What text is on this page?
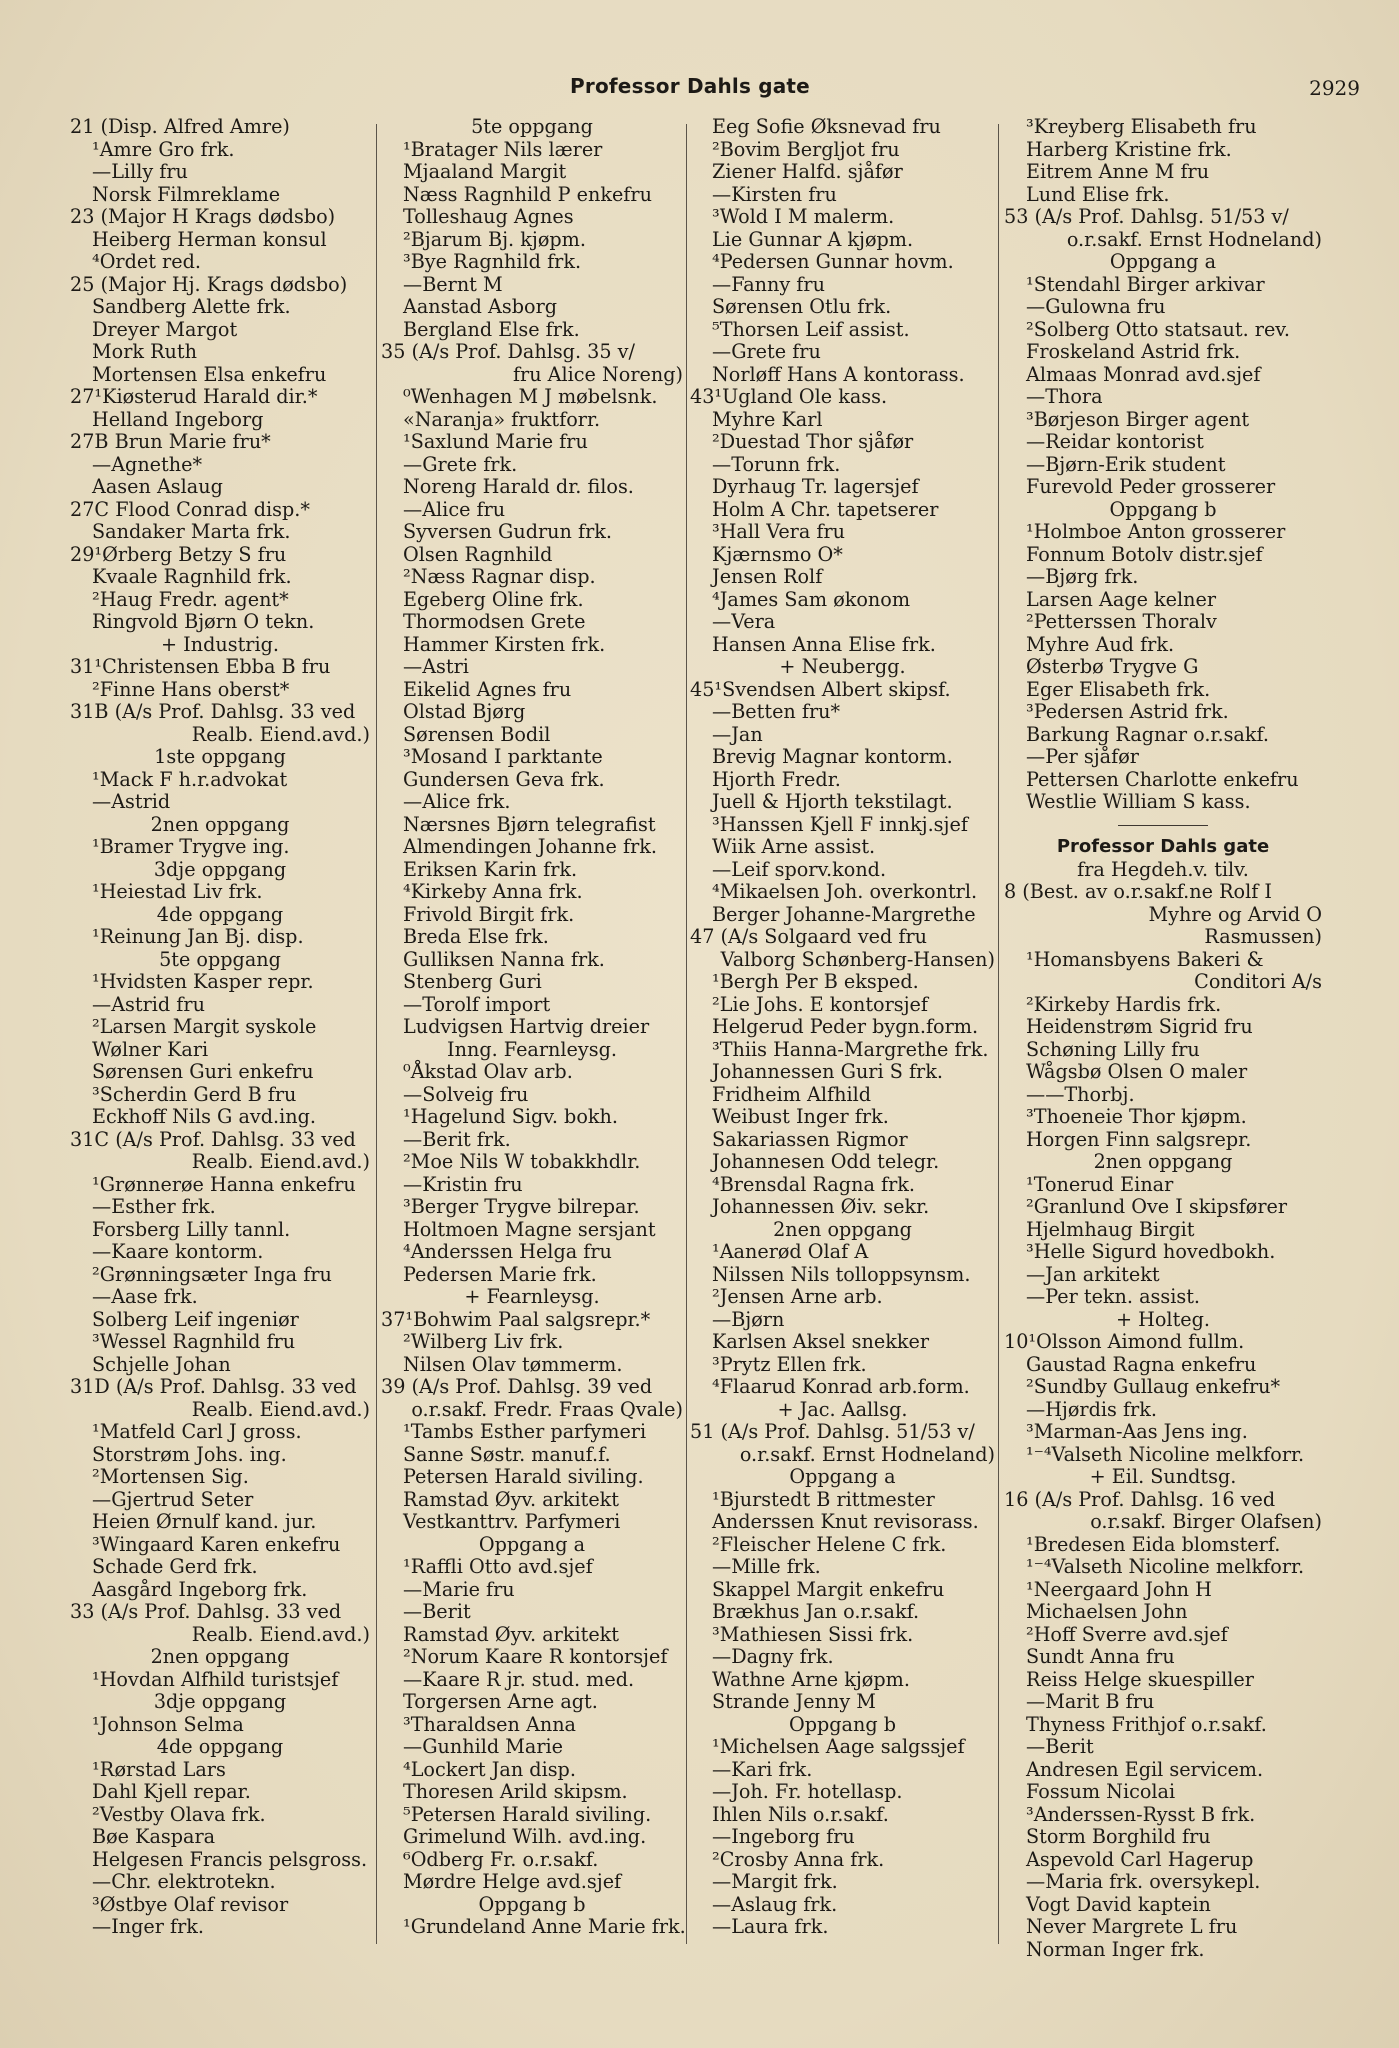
Professor Dahls gate	2929
21 (Disp. Alfred Amre)
¹Amre Gro frk.
—Lilly fru
Norsk Filmreklame
23 (Major H Krags dødsbo)
Heiberg Herman konsul
⁴Ordet red.
25 (Major Hj. Krags dødsbo)
Sandberg Alette frk.
Dreyer Margot
Mork Ruth
Mortensen Elsa enkefru
27¹Kiøsterud Harald dir.*
Helland Ingeborg
27B Brun Marie fru*
—Agnethe*
Aasen Aslaug
27C Flood Conrad disp.*
Sandaker Marta frk.
29¹Ørberg Betzy S fru
Kvaale Ragnhild frk.
²Haug Fredr. agent*
Ringvold Bjørn O tekn.
+ Industrig.
31¹Christensen Ebba B fru
²Finne Hans oberst*
31B (A/s Prof. Dahlsg. 33 ved
Realb. Eiend.avd.)
1ste oppgang
¹Mack F h.r.advokat
—Astrid
2nen oppgang
¹Bramer Trygve ing.
3dje oppgang
¹Heiestad Liv frk.
4de oppgang
¹Reinung Jan Bj. disp.
5te oppgang
¹Hvidsten Kasper repr.
—Astrid fru
²Larsen Margit syskole
Wølner Kari
Sørensen Guri enkefru
³Scherdin Gerd B fru
Eckhoff Nils G avd.ing.
31C (A/s Prof. Dahlsg. 33 ved
Realb. Eiend.avd.)
¹Grønnerøe Hanna enkefru
—Esther frk.
Forsberg Lilly tannl.
—Kaare kontorm.
²Grønningsæter Inga fru
—Aase frk.
Solberg Leif ingeniør
³Wessel Ragnhild fru
Schjelle Johan
31D (A/s Prof. Dahlsg. 33 ved
Realb. Eiend.avd.)
¹Matfeld Carl J gross.
Storstrøm Johs. ing.
²Mortensen Sig.
—Gjertrud Seter
Heien Ørnulf kand. jur.
³Wingaard Karen enkefru
Schade Gerd frk.
Aasgård Ingeborg frk.
33 (A/s Prof. Dahlsg. 33 ved
Realb. Eiend.avd.)
2nen oppgang
¹Hovdan Alfhild turistsjef
3dje oppgang
¹Johnson Selma
4de oppgang
¹Rørstad Lars
Dahl Kjell repar.
²Vestby Olava frk.
Bøe Kaspara
Helgesen Francis pelsgross.
—Chr. elektrotekn.
³Østbye Olaf revisor
—Inger frk.
5te oppgang
¹Bratager Nils lærer
Mjaaland Margit
Næss Ragnhild P enkefru
Tolleshaug Agnes
²Bjarum Bj. kjøpm.
³Bye Ragnhild frk.
—Bernt M
Aanstad Asborg
Bergland Else frk.
35 (A/s Prof. Dahlsg. 35 v/
fru Alice Noreng)
⁰Wenhagen M J møbelsnk.
«Naranja» fruktforr.
¹Saxlund Marie fru
—Grete frk.
Noreng Harald dr. filos.
—Alice fru
Syversen Gudrun frk.
Olsen Ragnhild
²Næss Ragnar disp.
Egeberg Oline frk.
Thormodsen Grete
Hammer Kirsten frk.
—Astri
Eikelid Agnes fru
Olstad Bjørg
Sørensen Bodil
³Mosand I parktante
Gundersen Geva frk.
—Alice frk.
Nærsnes Bjørn telegrafist
Almendingen Johanne frk.
Eriksen Karin frk.
⁴Kirkeby Anna frk.
Frivold Birgit frk.
Breda Else frk.
Gulliksen Nanna frk.
Stenberg Guri
—Torolf import
Ludvigsen Hartvig dreier
Inng. Fearnleysg.
⁰Åkstad Olav arb.
—Solveig fru
¹Hagelund Sigv. bokh.
—Berit frk.
²Moe Nils W tobakkhdlr.
—Kristin fru
³Berger Trygve bilrepar.
Holtmoen Magne sersjant
⁴Anderssen Helga fru
Pedersen Marie frk.
+ Fearnleysg.
37¹Bohwim Paal salgsrepr.*
²Wilberg Liv frk.
Nilsen Olav tømmerm.
39 (A/s Prof. Dahlsg. 39 ved
o.r.sakf. Fredr. Fraas Qvale)
¹Tambs Esther parfymeri
Sanne Søstr. manuf.f.
Petersen Harald siviling.
Ramstad Øyv. arkitekt
Vestkanttrv. Parfymeri
Oppgang a
¹Raffli Otto avd.sjef
—Marie fru
—Berit
Ramstad Øyv. arkitekt
²Norum Kaare R kontorsjef
—Kaare R jr. stud. med.
Torgersen Arne agt.
³Tharaldsen Anna
—Gunhild Marie
⁴Lockert Jan disp.
Thoresen Arild skipsm.
⁵Petersen Harald siviling.
Grimelund Wilh. avd.ing.
⁶Odberg Fr. o.r.sakf.
Mørdre Helge avd.sjef
Oppgang b
¹Grundeland Anne Marie frk.
Eeg Sofie Øksnevad fru
²Bovim Bergljot fru
Ziener Halfd. sjåfør
—Kirsten fru
³Wold I M malerm.
Lie Gunnar A kjøpm.
⁴Pedersen Gunnar hovm.
—Fanny fru
Sørensen Otlu frk.
⁵Thorsen Leif assist.
—Grete fru
Norløff Hans A kontorass.
43¹Ugland Ole kass.
Myhre Karl
²Duestad Thor sjåfør
—Torunn frk.
Dyrhaug Tr. lagersjef
Holm A Chr. tapetserer
³Hall Vera fru
Kjærnsmo O*
Jensen Rolf
⁴James Sam økonom
—Vera
Hansen Anna Elise frk.
+ Neubergg.
45¹Svendsen Albert skipsf.
—Betten fru*
—Jan
Brevig Magnar kontorm.
Hjorth Fredr.
Juell & Hjorth tekstilagt.
³Hanssen Kjell F innkj.sjef
Wiik Arne assist.
—Leif sporv.kond.
⁴Mikaelsen Joh. overkontrl.
Berger Johanne-Margrethe
47 (A/s Solgaard ved fru
Valborg Schønberg-Hansen)
¹Bergh Per B eksped.
²Lie Johs. E kontorsjef
Helgerud Peder bygn.form.
³Thiis Hanna-Margrethe frk.
Johannessen Guri S frk.
Fridheim Alfhild
Weibust Inger frk.
Sakariassen Rigmor
Johannesen Odd telegr.
⁴Brensdal Ragna frk.
Johannessen Øiv. sekr.
2nen oppgang
¹Aanerød Olaf A
Nilssen Nils tolloppsynsm.
²Jensen Arne arb.
—Bjørn
Karlsen Aksel snekker
³Prytz Ellen frk.
⁴Flaarud Konrad arb.form.
+ Jac. Aallsg.
51 (A/s Prof. Dahlsg. 51/53 v/
o.r.sakf. Ernst Hodneland)
Oppgang a
¹Bjurstedt B rittmester
Anderssen Knut revisorass.
²Fleischer Helene C frk.
—Mille frk.
Skappel Margit enkefru
Brækhus Jan o.r.sakf.
³Mathiesen Sissi frk.
—Dagny frk.
Wathne Arne kjøpm.
Strande Jenny M
Oppgang b
¹Michelsen Aage salgssjef
—Kari frk.
—Joh. Fr. hotellasp.
Ihlen Nils o.r.sakf.
—Ingeborg fru
²Crosby Anna frk.
—Margit frk.
—Aslaug frk.
—Laura frk.
³Kreyberg Elisabeth fru
Harberg Kristine frk.
Eitrem Anne M fru
Lund Elise frk.
53 (A/s Prof. Dahlsg. 51/53 v/
o.r.sakf. Ernst Hodneland)
Oppgang a
¹Stendahl Birger arkivar
—Gulowna fru
²Solberg Otto statsaut. rev.
Froskeland Astrid frk.
Almaas Monrad avd.sjef
—Thora
³Børjeson Birger agent
—Reidar kontorist
—Bjørn-Erik student
Furevold Peder grosserer
Oppgang b
¹Holmboe Anton grosserer
Fonnum Botolv distr.sjef
—Bjørg frk.
Larsen Aage kelner
²Petterssen Thoralv
Myhre Aud frk.
Østerbø Trygve G
Eger Elisabeth frk.
³Pedersen Astrid frk.
Barkung Ragnar o.r.sakf.
—Per sjåfør
Pettersen Charlotte enkefru
Westlie William S kass.
Professor Dahls gate
fra Hegdeh.v. tilv.
8 (Best. av o.r.sakf.ne Rolf I
Myhre og Arvid O
Rasmussen)
¹Homansbyens Bakeri &
Conditori A/s
²Kirkeby Hardis frk.
Heidenstrøm Sigrid fru
Schøning Lilly fru
Wågsbø Olsen O maler
——Thorbj.
³Thoeneie Thor kjøpm.
Horgen Finn salgsrepr.
2nen oppgang
¹Tonerud Einar
²Granlund Ove I skipsfører
Hjelmhaug Birgit
³Helle Sigurd hovedbokh.
—Jan arkitekt
—Per tekn. assist.
+ Holteg.
10¹Olsson Aimond fullm.
Gaustad Ragna enkefru
²Sundby Gullaug enkefru*
—Hjørdis frk.
³Marman-Aas Jens ing.
¹⁻⁴Valseth Nicoline melkforr.
+ Eil. Sundtsg.
16 (A/s Prof. Dahlsg. 16 ved
o.r.sakf. Birger Olafsen)
¹Bredesen Eida blomsterf.
¹⁻⁴Valseth Nicoline melkforr.
¹Neergaard John H
Michaelsen John
²Hoff Sverre avd.sjef
Sundt Anna fru
Reiss Helge skuespiller
—Marit B fru
Thyness Frithjof o.r.sakf.
—Berit
Andresen Egil servicem.
Fossum Nicolai
³Anderssen-Rysst B frk.
Storm Borghild fru
Aspevold Carl Hagerup
—Maria frk. oversykepl.
Vogt David kaptein
Never Margrete L fru
Norman Inger frk.
